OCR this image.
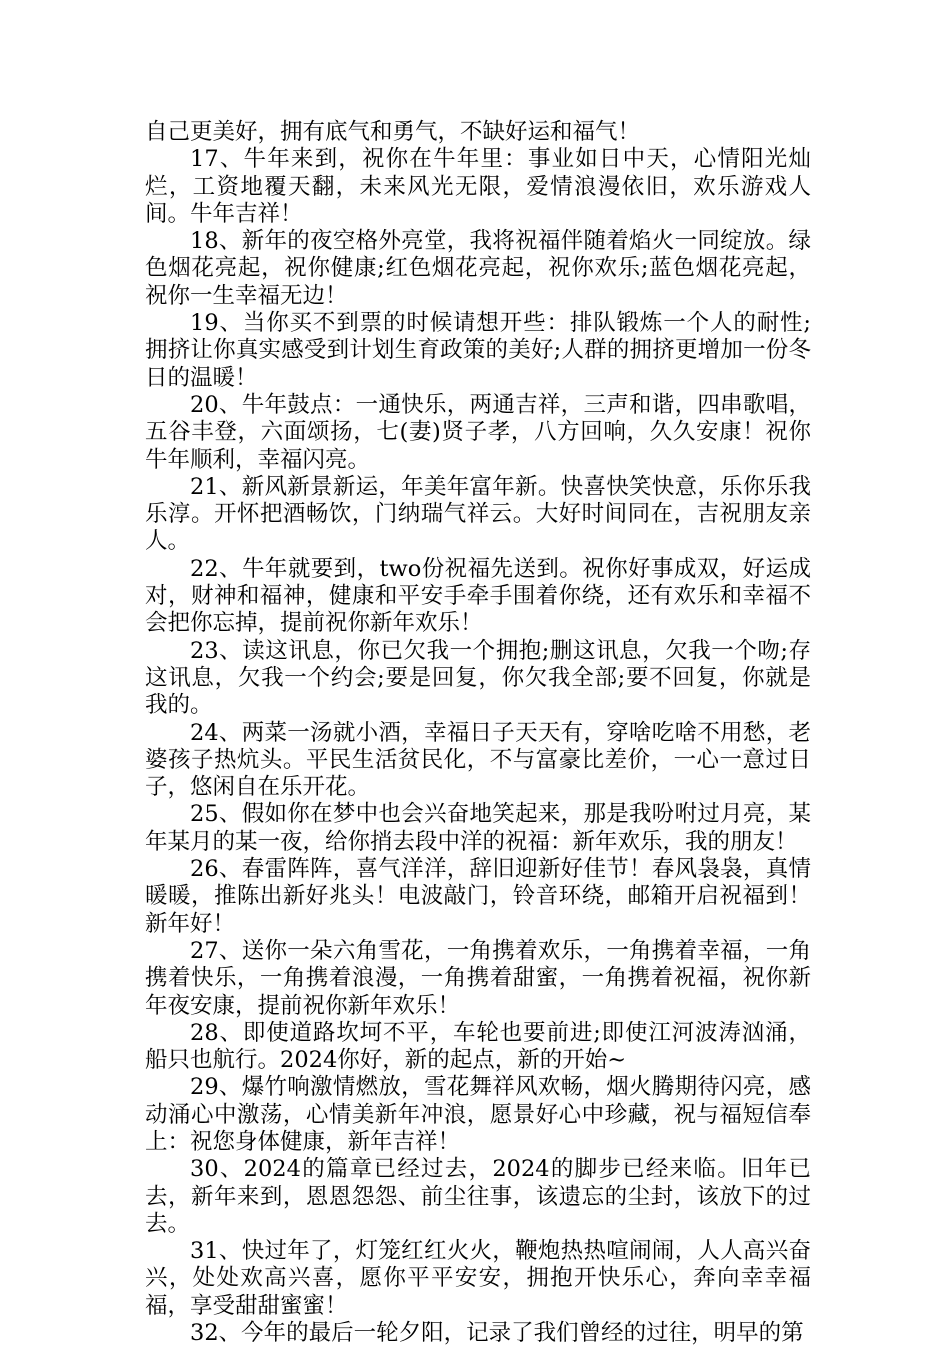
自己更美好，拥有底气和勇气，不缺好运和福气！

17、牛年来到，祝你在牛年里：事业如日中天，心情阳光灿烂，工资地覆天翻，未来风光无限，爱情浪漫依旧，欢乐游戏人间。牛年吉祥！

18、新年的夜空格外亮堂，我将祝福伴随着焰火一同绽放。绿色烟花亮起，祝你健康;红色烟花亮起，祝你欢乐;蓝色烟花亮起，祝你一生幸福无边！

19、当你买不到票的时候请想开些：排队锻炼一个人的耐性;拥挤让你真实感受到计划生育政策的美好;人群的拥挤更增加一份冬日的温暖！

20、牛年鼓点：一通快乐，两通吉祥，三声和谐，四串歌唱，五谷丰登，六面颂扬，七(妻)贤子孝，八方回响，久久安康！祝你牛年顺利，幸福闪亮。

21、新风新景新运，年美年富年新。快喜快笑快意，乐你乐我乐淳。开怀把酒畅饮，门纳瑞气祥云。大好时间同在，吉祝朋友亲人。

22、牛年就要到，two份祝福先送到。祝你好事成双，好运成对，财神和福神，健康和平安手牵手围着你绕，还有欢乐和幸福不会把你忘掉，提前祝你新年欢乐！

23、读这讯息，你已欠我一个拥抱;删这讯息，欠我一个吻;存这讯息，欠我一个约会;要是回复，你欠我全部;要不回复，你就是我的。

24、两菜一汤就小酒，幸福日子天天有，穿啥吃啥不用愁，老婆孩子热炕头。平民生活贫民化，不与富豪比差价，一心一意过日子，悠闲自在乐开花。

25、假如你在梦中也会兴奋地笑起来，那是我吩咐过月亮，某年某月的某一夜，给你捎去段中洋的祝福：新年欢乐，我的朋友！

26、春雷阵阵，喜气洋洋，辞旧迎新好佳节！春风袅袅，真情暖暖，推陈出新好兆头！电波敲门，铃音环绕，邮箱开启祝福到！新年好！

27、送你一朵六角雪花，一角携着欢乐，一角携着幸福，一角携着快乐，一角携着浪漫，一角携着甜蜜，一角携着祝福，祝你新年夜安康，提前祝你新年欢乐！

28、即使道路坎坷不平，车轮也要前进;即使江河波涛汹涌，船只也航行。2024你好，新的起点，新的开始~

29、爆竹响激情燃放，雪花舞祥风欢畅，烟火腾期待闪亮，感动涌心中激荡，心情美新年冲浪，愿景好心中珍藏，祝与福短信奉上：祝您身体健康，新年吉祥！

30、2024的篇章已经过去，2024的脚步已经来临。旧年已去，新年来到，恩恩怨怨、前尘往事，该遗忘的尘封，该放下的过去。

31、快过年了，灯笼红红火火，鞭炮热热喧闹闹，人人高兴奋兴，处处欢高兴喜，愿你平平安安，拥抱开快乐心，奔向幸幸福福，享受甜甜蜜蜜！

32、今年的最后一轮夕阳，记录了我们曾经的过往，明早的第
